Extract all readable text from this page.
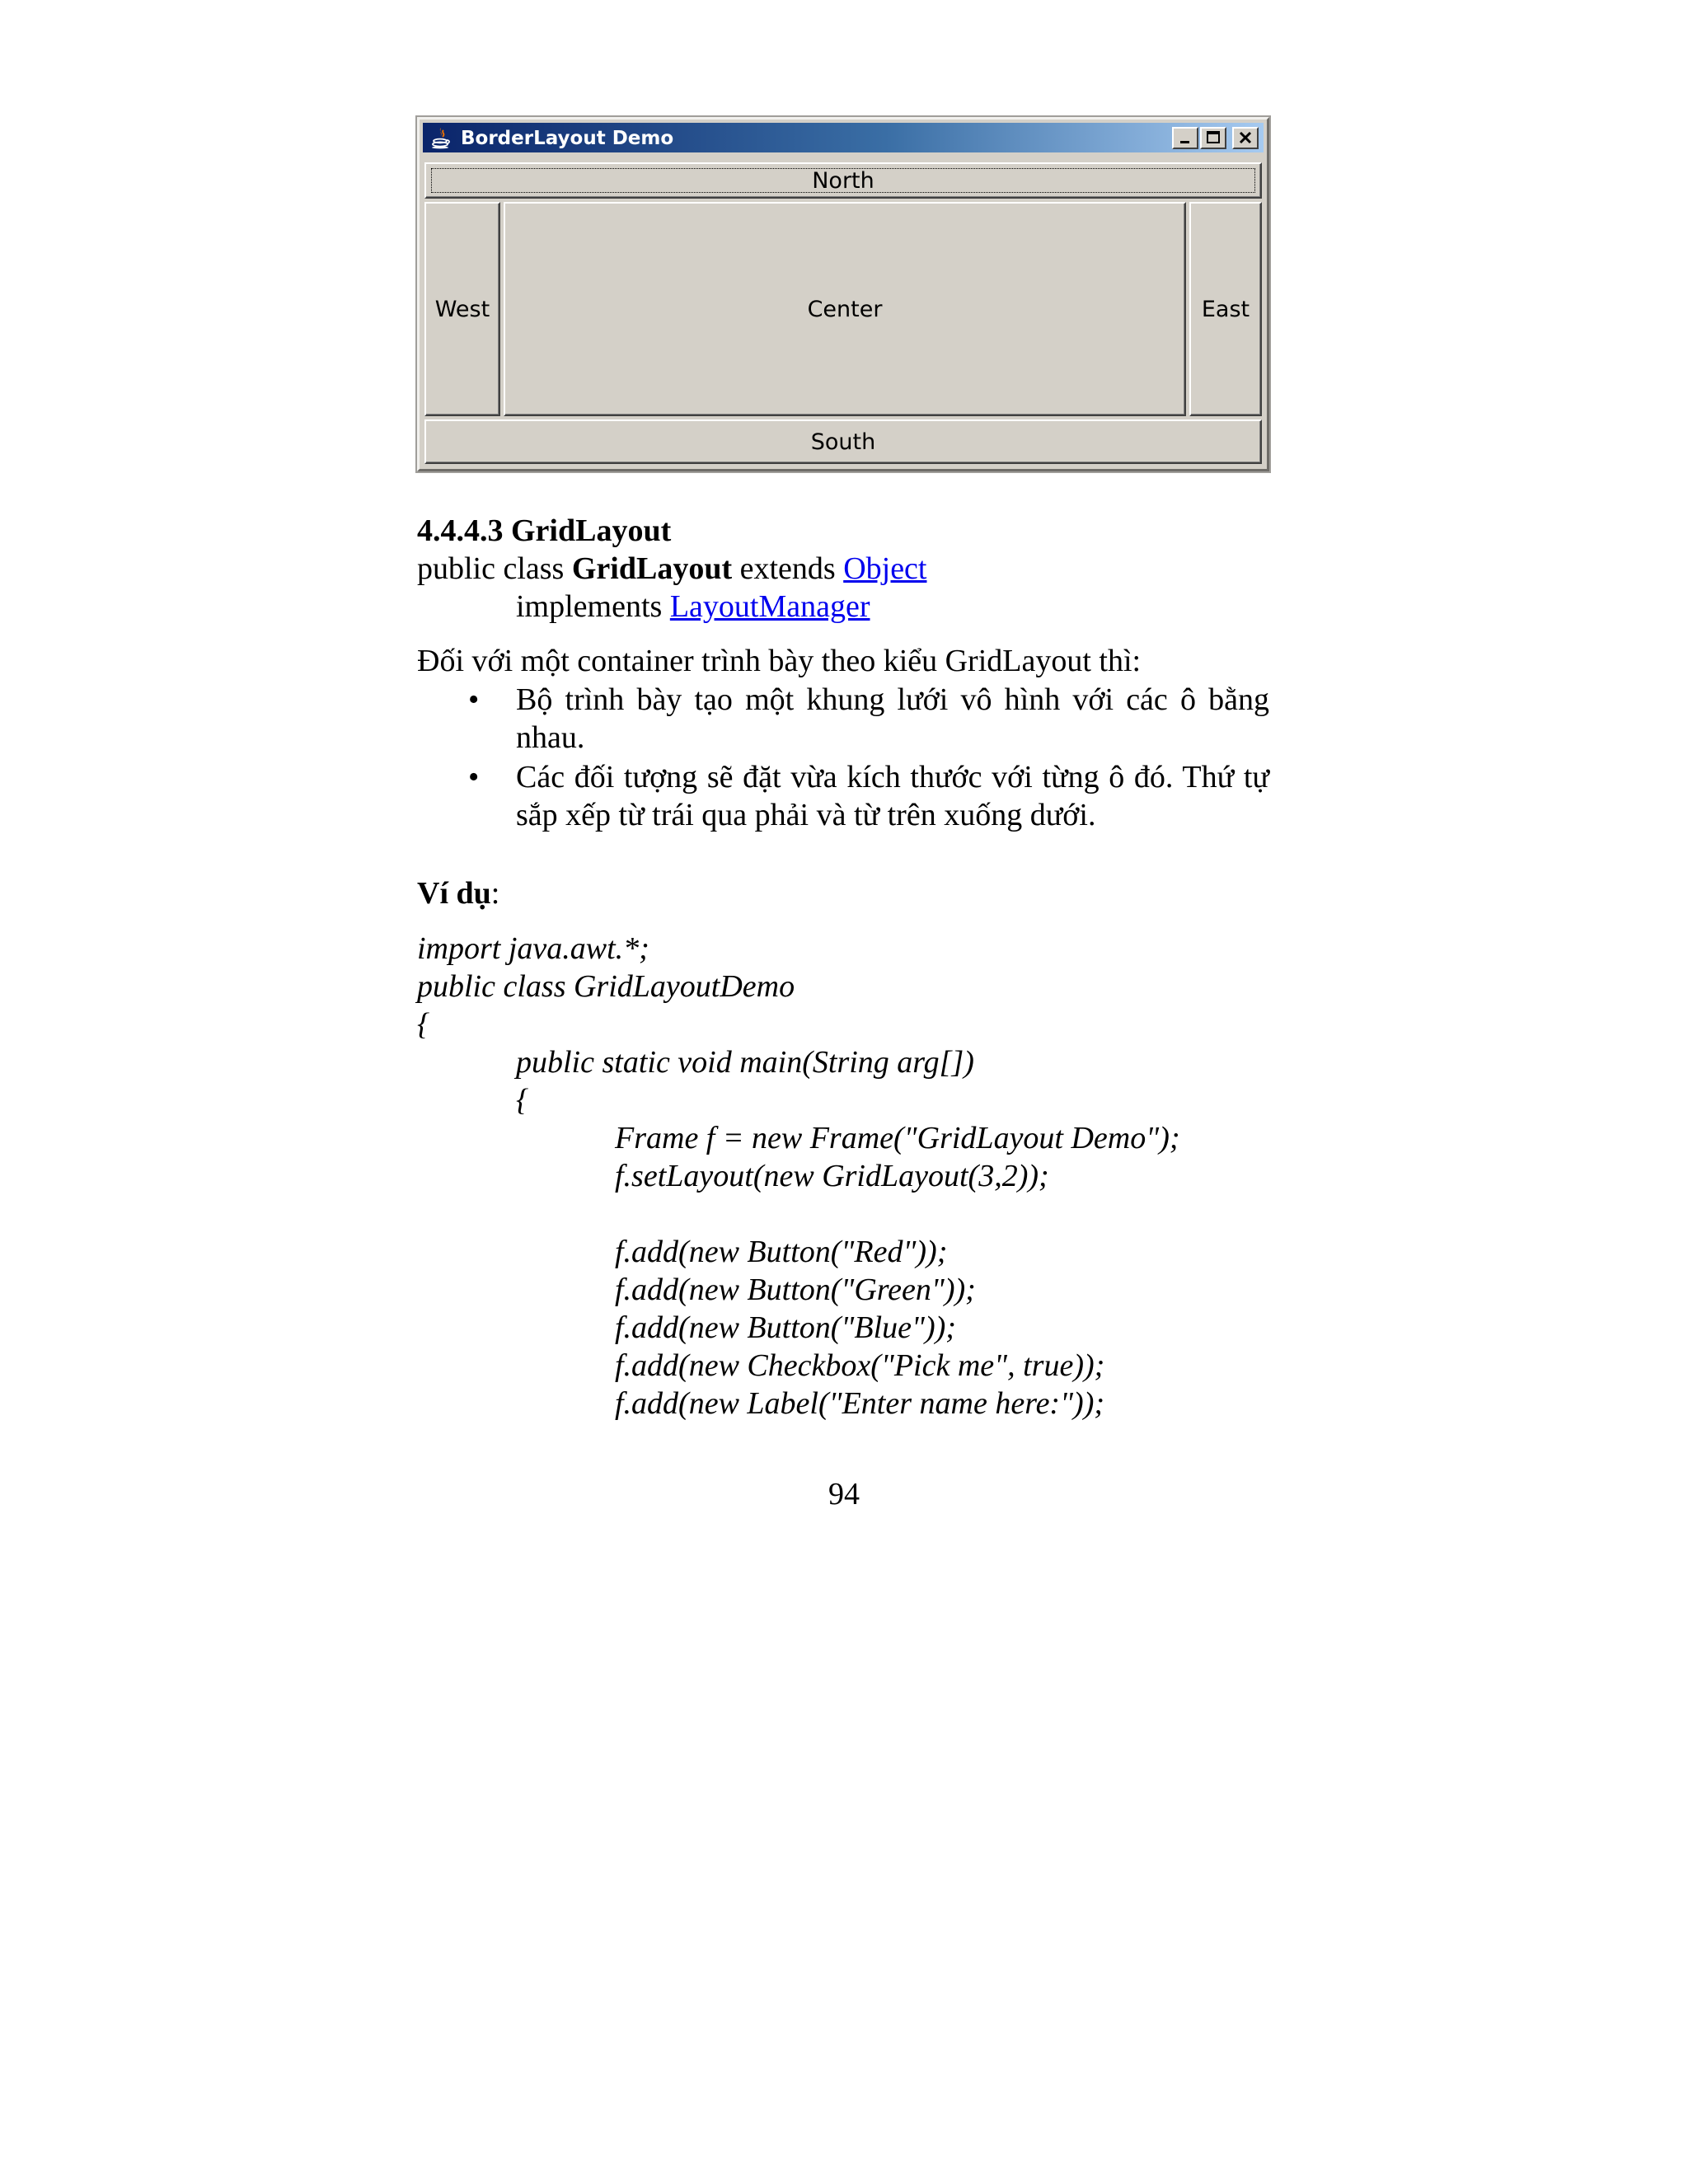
BorderLayout Demo
North
West	Center	East
South
4.4.4.3 GridLayout
public class GridLayout extends Object
implements LayoutManager
Đối với một container trình bày theo kiểu GridLayout thì:
• Bộ trình bày tạo một khung lưới vô hình với các ô bằng nhau.
• Các đối tượng sẽ đặt vừa kích thước với từng ô đó. Thứ tự sắp xếp từ trái qua phải và từ trên xuống dưới.
Ví dụ:
import java.awt.*;
public class GridLayoutDemo
{
public static void main(String arg[])
{
Frame f = new Frame("GridLayout Demo");
f.setLayout(new GridLayout(3,2));
f.add(new Button("Red"));
f.add(new Button("Green"));
f.add(new Button("Blue"));
f.add(new Checkbox("Pick me", true));
f.add(new Label("Enter name here:"));
94
